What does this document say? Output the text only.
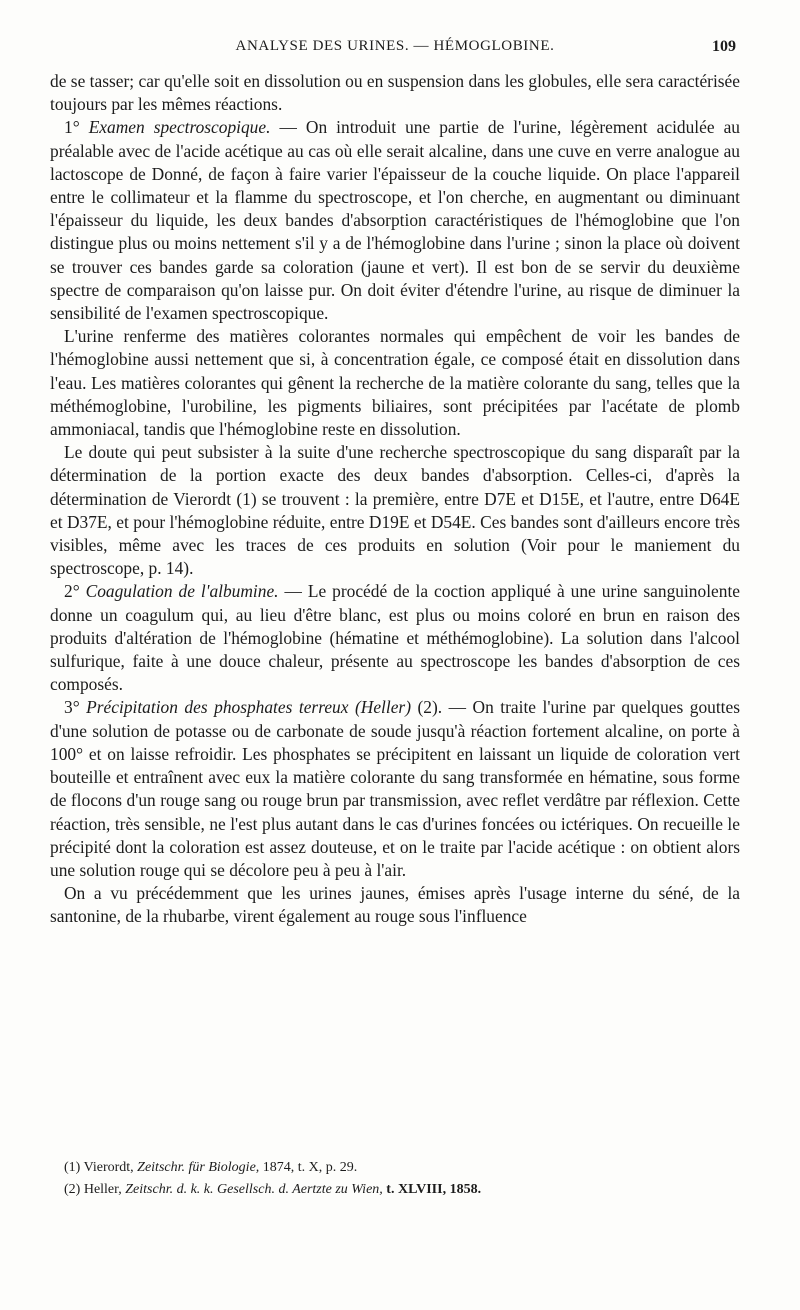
ANALYSE DES URINES. — HÉMOGLOBINE.	109

de se tasser; car qu'elle soit en dissolution ou en suspension dans les globules, elle sera caractérisée toujours par les mêmes réactions.

1° Examen spectroscopique. — On introduit une partie de l'urine, légèrement acidulée au préalable avec de l'acide acétique au cas où elle serait alcaline, dans une cuve en verre analogue au lactoscope de Donné, de façon à faire varier l'épaisseur de la couche liquide. On place l'appareil entre le collimateur et la flamme du spectroscope, et l'on cherche, en augmentant ou diminuant l'épaisseur du liquide, les deux bandes d'absorption caractéristiques de l'hémoglobine que l'on distingue plus ou moins nettement s'il y a de l'hémoglobine dans l'urine ; sinon la place où doivent se trouver ces bandes garde sa coloration (jaune et vert). Il est bon de se servir du deuxième spectre de comparaison qu'on laisse pur. On doit éviter d'étendre l'urine, au risque de diminuer la sensibilité de l'examen spectroscopique.

L'urine renferme des matières colorantes normales qui empêchent de voir les bandes de l'hémoglobine aussi nettement que si, à concentration égale, ce composé était en dissolution dans l'eau. Les matières colorantes qui gênent la recherche de la matière colorante du sang, telles que la méthémoglobine, l'urobiline, les pigments biliaires, sont précipitées par l'acétate de plomb ammoniacal, tandis que l'hémoglobine reste en dissolution.

Le doute qui peut subsister à la suite d'une recherche spectroscopique du sang disparaît par la détermination de la portion exacte des deux bandes d'absorption. Celles-ci, d'après la détermination de Vierordt (1) se trouvent : la première, entre D7E et D15E, et l'autre, entre D64E et D37E, et pour l'hémoglobine réduite, entre D19E et D54E. Ces bandes sont d'ailleurs encore très visibles, même avec les traces de ces produits en solution (Voir pour le maniement du spectroscope, p. 14).

2° Coagulation de l'albumine. — Le procédé de la coction appliqué à une urine sanguinolente donne un coagulum qui, au lieu d'être blanc, est plus ou moins coloré en brun en raison des produits d'altération de l'hémoglobine (hématine et méthémoglobine). La solution dans l'alcool sulfurique, faite à une douce chaleur, présente au spectroscope les bandes d'absorption de ces composés.

3° Précipitation des phosphates terreux (Heller) (2). — On traite l'urine par quelques gouttes d'une solution de potasse ou de carbonate de soude jusqu'à réaction fortement alcaline, on porte à 100° et on laisse refroidir. Les phosphates se précipitent en laissant un liquide de coloration vert bouteille et entraînent avec eux la matière colorante du sang transformée en hématine, sous forme de flocons d'un rouge sang ou rouge brun par transmission, avec reflet verdâtre par réflexion. Cette réaction, très sensible, ne l'est plus autant dans le cas d'urines foncées ou ictériques. On recueille le précipité dont la coloration est assez douteuse, et on le traite par l'acide acétique : on obtient alors une solution rouge qui se décolore peu à peu à l'air.

On a vu précédemment que les urines jaunes, émises après l'usage interne du séné, de la santonine, de la rhubarbe, virent également au rouge sous l'influence

(1) Vierordt, Zeitschr. für Biologie, 1874, t. X, p. 29.

(2) Heller, Zeitschr. d. k. k. Gesellsch. d. Aertzte zu Wien, t. XLVIII, 1858.
